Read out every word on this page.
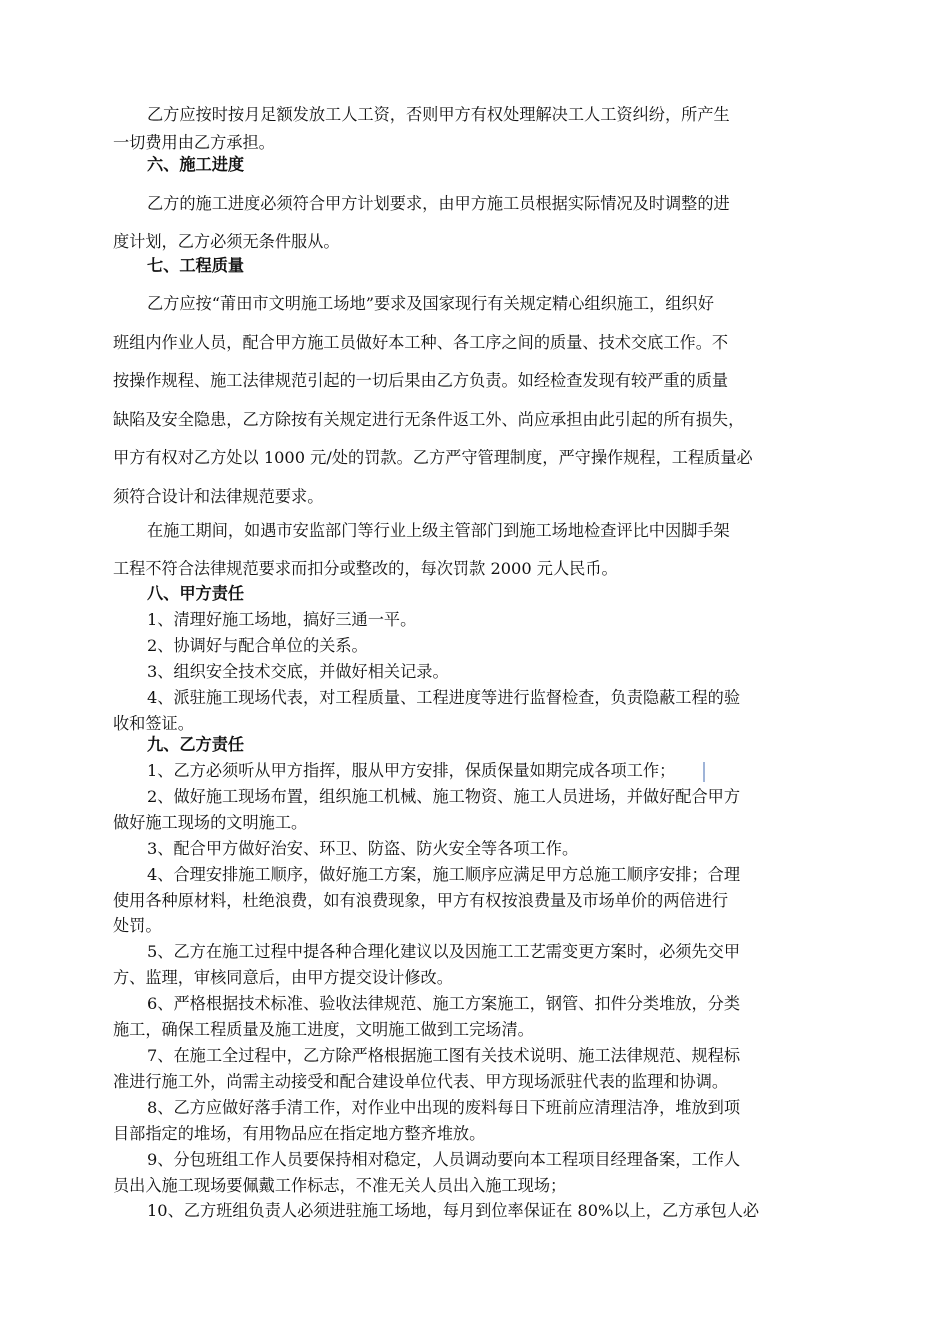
乙方应按时按月足额发放工人工资，否则甲方有权处理解决工人工资纠纷，所产生
一切费用由乙方承担。
六、施工进度
乙方的施工进度必须符合甲方计划要求，由甲方施工员根据实际情况及时调整的进
度计划，乙方必须无条件服从。
七、工程质量
乙方应按“莆田市文明施工场地”要求及国家现行有关规定精心组织施工，组织好
班组内作业人员，配合甲方施工员做好本工种、各工序之间的质量、技术交底工作。不
按操作规程、施工法律规范引起的一切后果由乙方负责。如经检查发现有较严重的质量
缺陷及安全隐患，乙方除按有关规定进行无条件返工外、尚应承担由此引起的所有损失，
甲方有权对乙方处以 1000 元/处的罚款。乙方严守管理制度，严守操作规程，工程质量必
须符合设计和法律规范要求。
在施工期间，如遇市安监部门等行业上级主管部门到施工场地检查评比中因脚手架
工程不符合法律规范要求而扣分或整改的，每次罚款 2000 元人民币。
八、甲方责任
1、清理好施工场地，搞好三通一平。
2、协调好与配合单位的关系。
3、组织安全技术交底，并做好相关记录。
4、派驻施工现场代表，对工程质量、工程进度等进行监督检查，负责隐蔽工程的验
收和签证。
九、乙方责任
1、乙方必须听从甲方指挥，服从甲方安排，保质保量如期完成各项工作；
2、做好施工现场布置，组织施工机械、施工物资、施工人员进场，并做好配合甲方
做好施工现场的文明施工。
3、配合甲方做好治安、环卫、防盗、防火安全等各项工作。
4、合理安排施工顺序，做好施工方案，施工顺序应满足甲方总施工顺序安排；合理
使用各种原材料，杜绝浪费，如有浪费现象，甲方有权按浪费量及市场单价的两倍进行
处罚。
5、乙方在施工过程中提各种合理化建议以及因施工工艺需变更方案时，必须先交甲
方、监理，审核同意后，由甲方提交设计修改。
6、严格根据技术标准、验收法律规范、施工方案施工，钢管、扣件分类堆放，分类
施工，确保工程质量及施工进度，文明施工做到工完场清。
7、在施工全过程中，乙方除严格根据施工图有关技术说明、施工法律规范、规程标
准进行施工外，尚需主动接受和配合建设单位代表、甲方现场派驻代表的监理和协调。
8、乙方应做好落手清工作，对作业中出现的废料每日下班前应清理洁净，堆放到项
目部指定的堆场，有用物品应在指定地方整齐堆放。
9、分包班组工作人员要保持相对稳定，人员调动要向本工程项目经理备案，工作人
员出入施工现场要佩戴工作标志，不准无关人员出入施工现场；
10、乙方班组负责人必须进驻施工场地，每月到位率保证在 80%以上，乙方承包人必
